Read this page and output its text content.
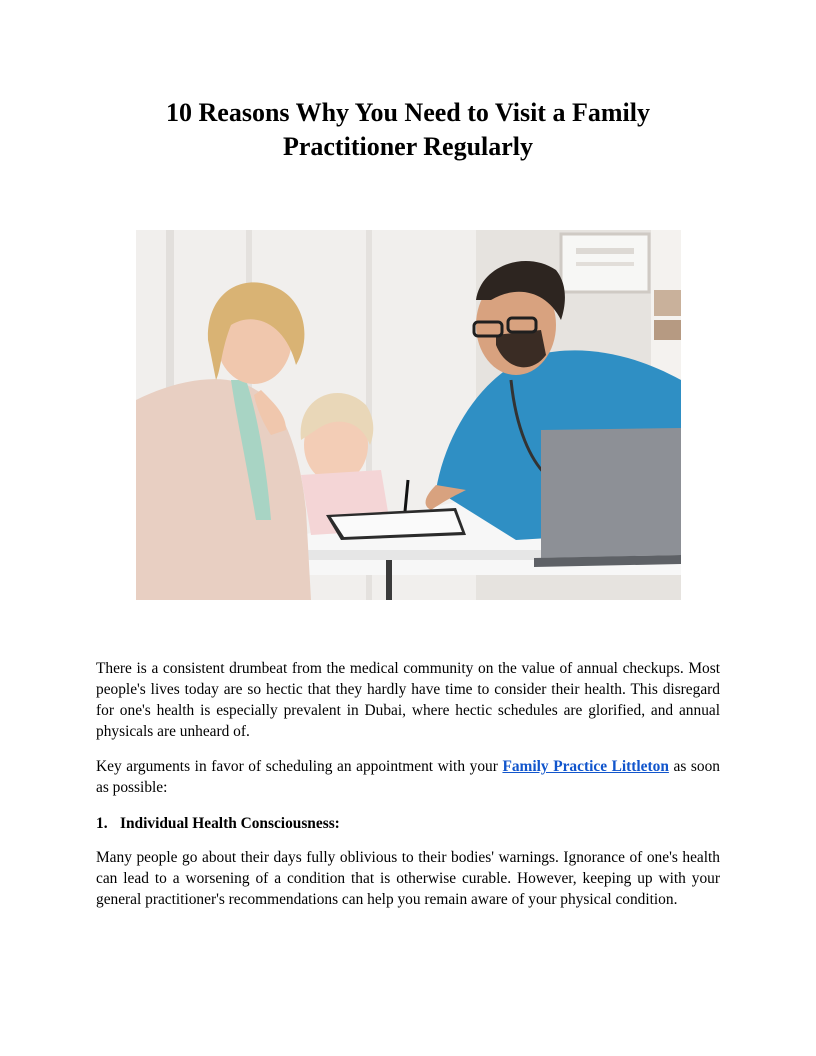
10 Reasons Why You Need to Visit a Family Practitioner Regularly

There is a consistent drumbeat from the medical community on the value of annual checkups. Most people's lives today are so hectic that they hardly have time to consider their health. This disregard for one's health is especially prevalent in Dubai, where hectic schedules are glorified, and annual physicals are unheard of.

Key arguments in favor of scheduling an appointment with your Family Practice Littleton as soon as possible:

1. Individual Health Consciousness:

Many people go about their days fully oblivious to their bodies' warnings. Ignorance of one's health can lead to a worsening of a condition that is otherwise curable. However, keeping up with your general practitioner's recommendations can help you remain aware of your physical condition.
